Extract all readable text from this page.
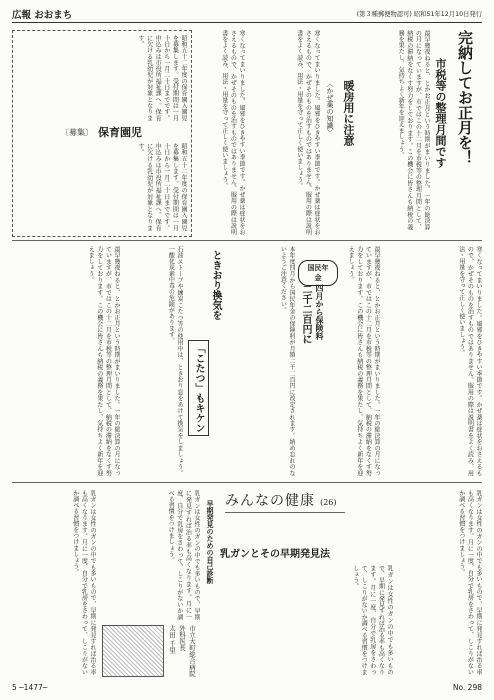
広報 おおまち	(第３種郵便物認可) 昭和51年12月10日発行
完納してお正月を！
市税等の整理月間です
最早幾夜ねると、とかお正月という時期がまいりました。一年の総決算の月になっていますが、市ではこの十二月を市税等の整理月間として、納税の滞納をなくす努力をしております。この機会に皆さんも納税の義務を果たし、気持ちよく新年を迎えましょう。
暖房用に注意
〈かぜ薬の知識〉
寒くなってまいりました。風邪をひきやすい季節です。かぜ薬は症状をおさえるもので、かぜそのものを治すものではありません。服用の際は説明書をよく読み、用法・用量を守って正しく使いましょう。
寒くなってまいりました。風邪をひきやすい季節です。かぜ薬は症状をおさえるもので、かぜそのものを治すものではありません。服用の際は説明書をよく読み、用法・用量を守って正しく使いましょう。
〔募集〕 保育園児
昭和五十二年度の保育園入園児を募集します。受付期間は一月十日から一月二十日までです。申込みは市役所福祉課へ。保育に欠ける乳幼児が対象となります。
昭和五十二年度の保育園入園児を募集します。受付期間は一月十日から一月二十日までです。申込みは市役所福祉課へ。保育に欠ける乳幼児が対象となります。
寒くなってまいりました。風邪をひきやすい季節です。かぜ薬は症状をおさえるもので、かぜそのものを治すものではありません。服用の際は説明書をよく読み、用法・用量を守って正しく使いましょう。
最早幾夜ねると、とかお正月という時期がまいりました。一年の総決算の月になっていますが、市ではこの十二月を市税等の整理月間として、納税の滞納をなくす努力をしております。この機会に皆さんも納税の義務を果たし、気持ちよく新年を迎えましょう。
国民年金
四月から保険料
二千二百円に
本年度四月から国民年金の保険料が月額二千二百円に改定されます。納め忘れのないようご注意ください。
ときおり換気を
「こたつ」もキケン
石油ストーブや練炭こたつ等の使用中は、ときおり窓をあけて換気をしましょう。一酸化炭素中毒の危険があります。
最早幾夜ねると、とかお正月という時期がまいりました。一年の総決算の月になっていますが、市ではこの十二月を市税等の整理月間として、納税の滞納をなくす努力をしております。この機会に皆さんも納税の義務を果たし、気持ちよく新年を迎えましょう。
みんなの健康 (26)
乳ガンとその早期発見法	乳ガンは女性のガンの中でも多いもので、早期に発見すれば治る率も高くなります。月に一度、自分で乳房をさわって、しこりがないか調べる習慣をつけましょう。
乳ガンは女性のガンの中でも多いもので、早期に発見すれば治る率も高くなります。月に一度、自分で乳房をさわって、しこりがないか調べる習慣をつけましょう。
早期発見のための自己診断
乳ガンは女性のガンの中でも多いもので、早期に発見すれば治る率も高くなります。月に一度、自分で乳房をさわって、しこりがないか調べる習慣をつけましょう。
乳ガンは女性のガンの中でも多いもので、早期に発見すれば治る率も高くなります。月に一度、自分で乳房をさわって、しこりがないか調べる習慣をつけましょう。
市立大町総合病院
外科医長
太田 千里
5 ─1477─	No. 298
